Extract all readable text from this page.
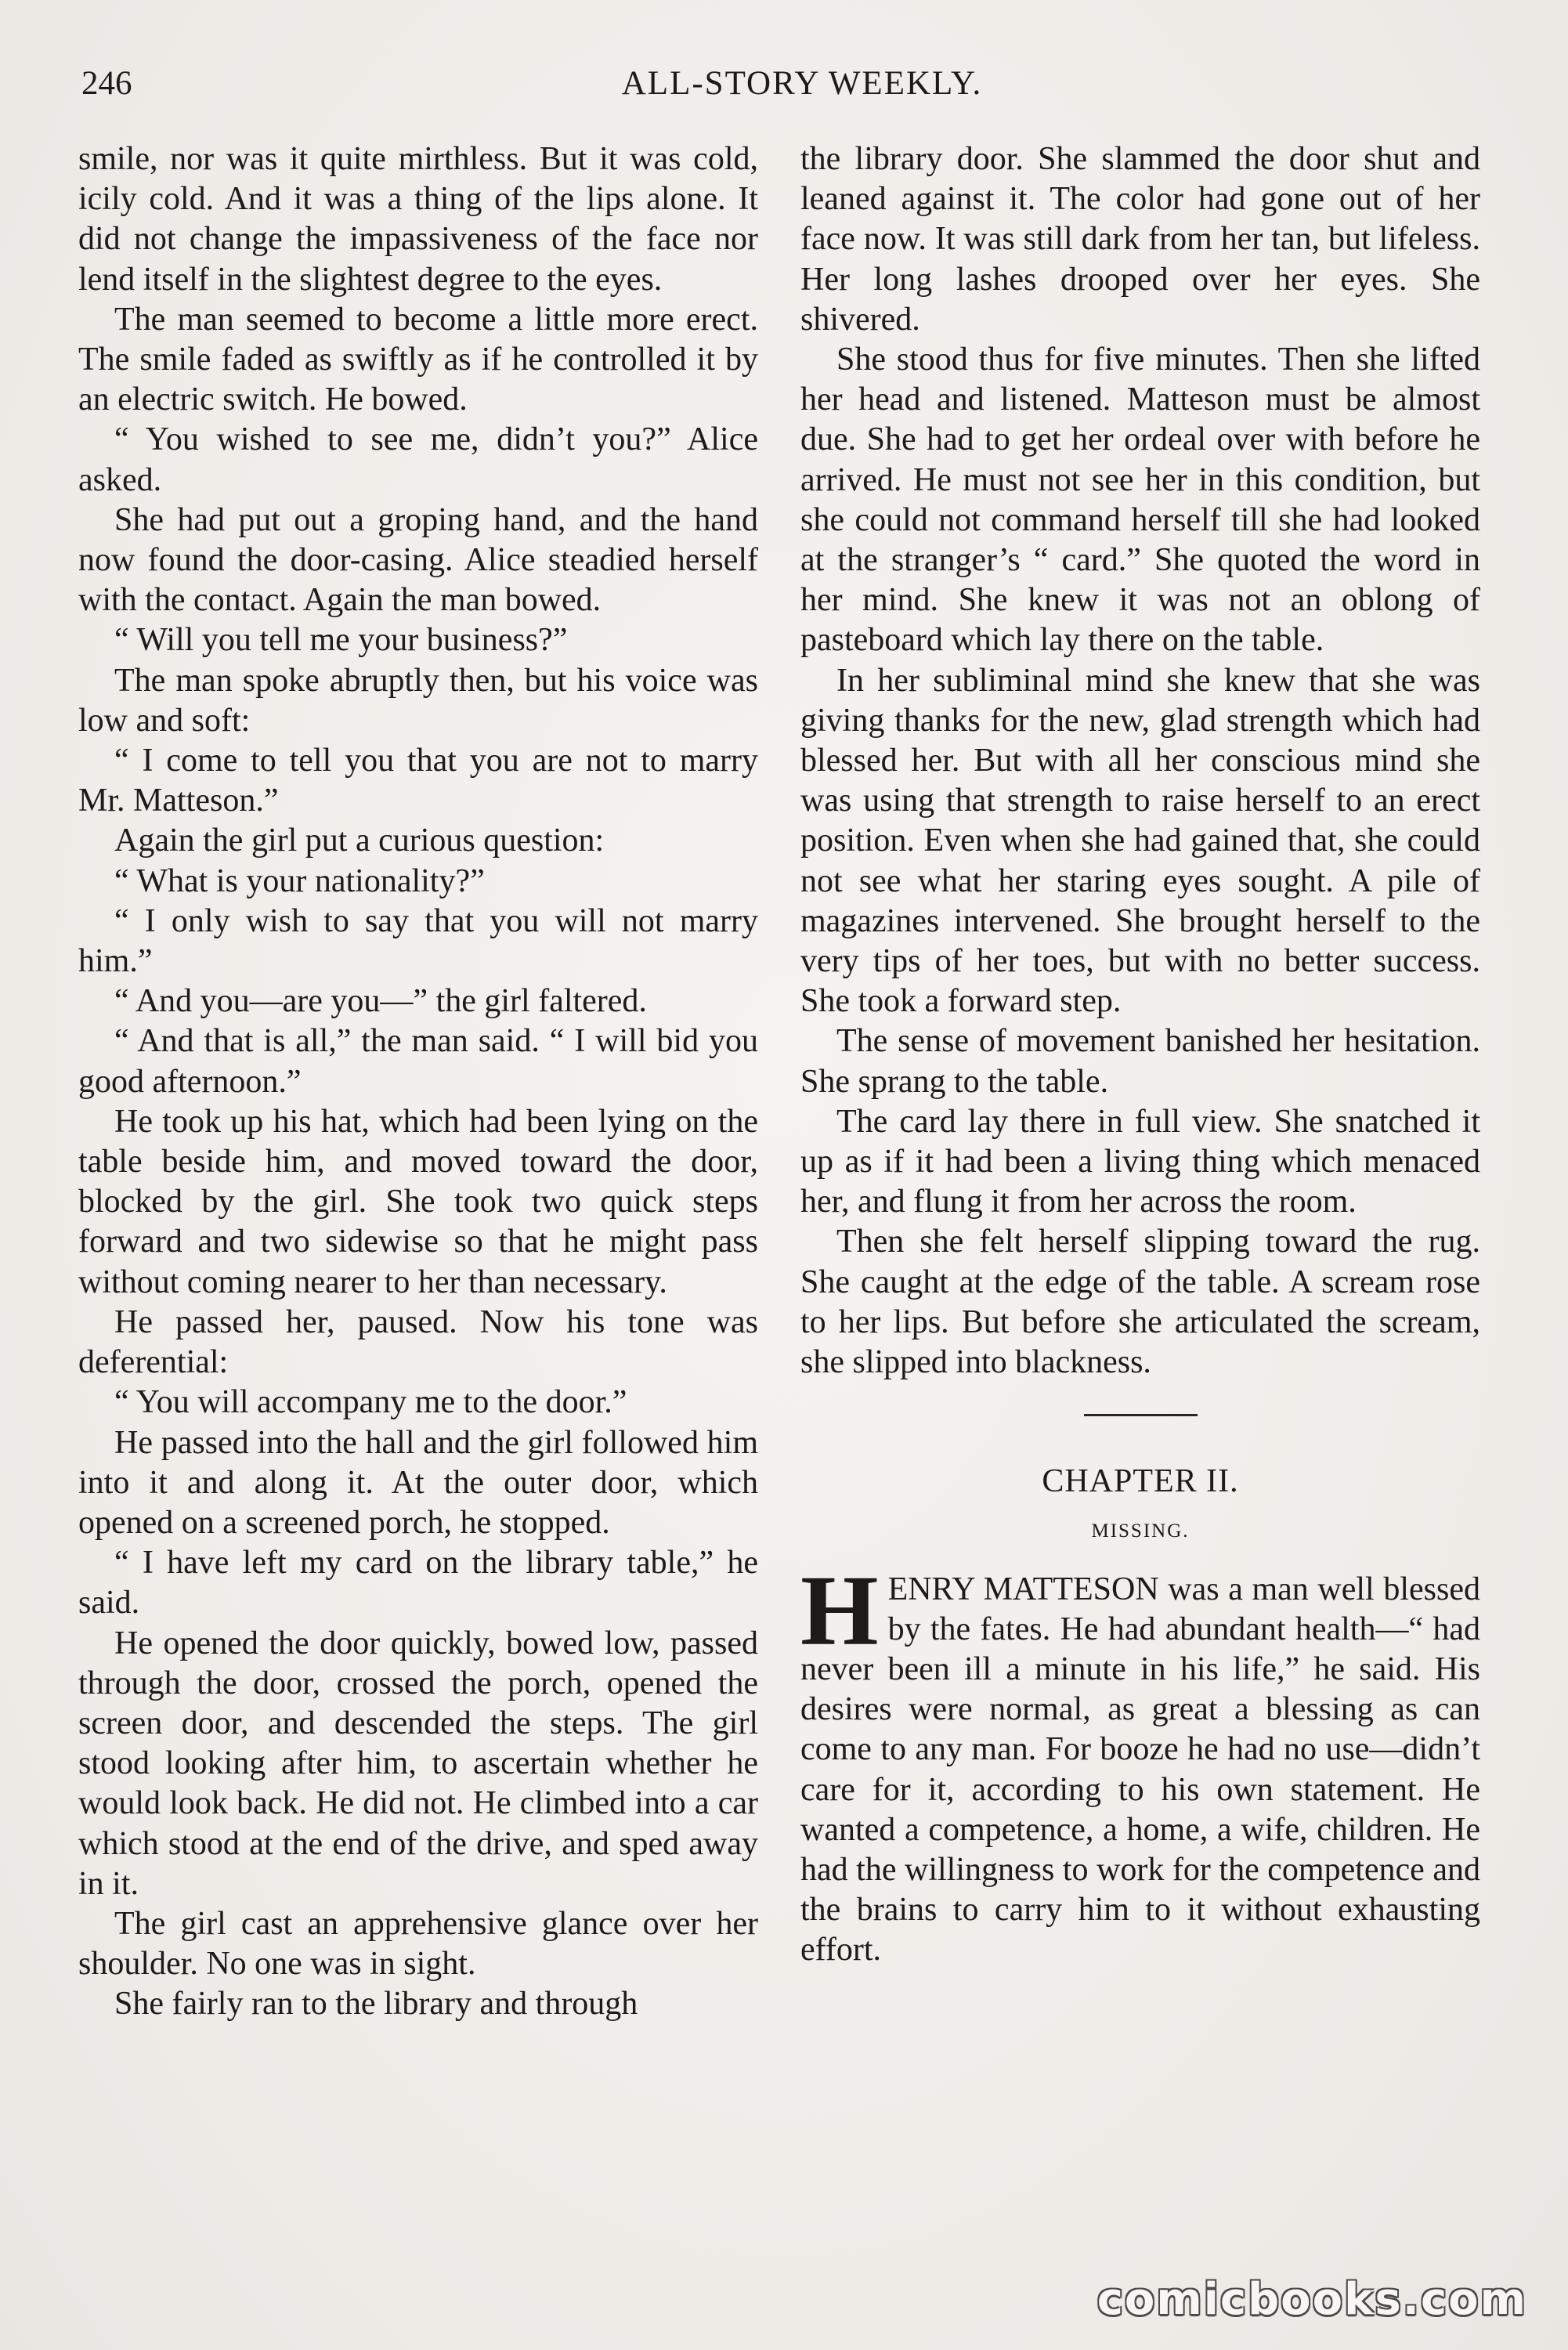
246	ALL-STORY WEEKLY.

smile, nor was it quite mirthless. But it was cold, icily cold. And it was a thing of the lips alone. It did not change the impassiveness of the face nor lend itself in the slightest degree to the eyes.

The man seemed to become a little more erect. The smile faded as swiftly as if he controlled it by an electric switch. He bowed.

“ You wished to see me, didn’t you?” Alice asked.

She had put out a groping hand, and the hand now found the door-casing. Alice steadied herself with the contact. Again the man bowed.

“ Will you tell me your business?”

The man spoke abruptly then, but his voice was low and soft:

“ I come to tell you that you are not to marry Mr. Matteson.”

Again the girl put a curious question:

“ What is your nationality?”

“ I only wish to say that you will not marry him.”

“ And you—are you—” the girl faltered.

“ And that is all,” the man said. “ I will bid you good afternoon.”

He took up his hat, which had been lying on the table beside him, and moved toward the door, blocked by the girl. She took two quick steps forward and two sidewise so that he might pass without coming nearer to her than necessary.

He passed her, paused. Now his tone was deferential:

“ You will accompany me to the door.”

He passed into the hall and the girl followed him into it and along it. At the outer door, which opened on a screened porch, he stopped.

“ I have left my card on the library table,” he said.

He opened the door quickly, bowed low, passed through the door, crossed the porch, opened the screen door, and descended the steps. The girl stood looking after him, to ascertain whether he would look back. He did not. He climbed into a car which stood at the end of the drive, and sped away in it.

The girl cast an apprehensive glance over her shoulder. No one was in sight.

She fairly ran to the library and through

the library door. She slammed the door shut and leaned against it. The color had gone out of her face now. It was still dark from her tan, but lifeless. Her long lashes drooped over her eyes. She shivered.

She stood thus for five minutes. Then she lifted her head and listened. Matteson must be almost due. She had to get her ordeal over with before he arrived. He must not see her in this condition, but she could not command herself till she had looked at the stranger’s “ card.” She quoted the word in her mind. She knew it was not an oblong of pasteboard which lay there on the table.

In her subliminal mind she knew that she was giving thanks for the new, glad strength which had blessed her. But with all her conscious mind she was using that strength to raise herself to an erect position. Even when she had gained that, she could not see what her staring eyes sought. A pile of magazines intervened. She brought herself to the very tips of her toes, but with no better success. She took a forward step.

The sense of movement banished her hesitation. She sprang to the table.

The card lay there in full view. She snatched it up as if it had been a living thing which menaced her, and flung it from her across the room.

Then she felt herself slipping toward the rug. She caught at the edge of the table. A scream rose to her lips. But before she articulated the scream, she slipped into blackness.

CHAPTER II.

MISSING.

HENRY MATTESON was a man well blessed by the fates. He had abundant health—“ had never been ill a minute in his life,” he said. His desires were normal, as great a blessing as can come to any man. For booze he had no use—didn’t care for it, according to his own statement. He wanted a competence, a home, a wife, children. He had the willingness to work for the competence and the brains to carry him to it without exhausting effort.

comicbooks.com
